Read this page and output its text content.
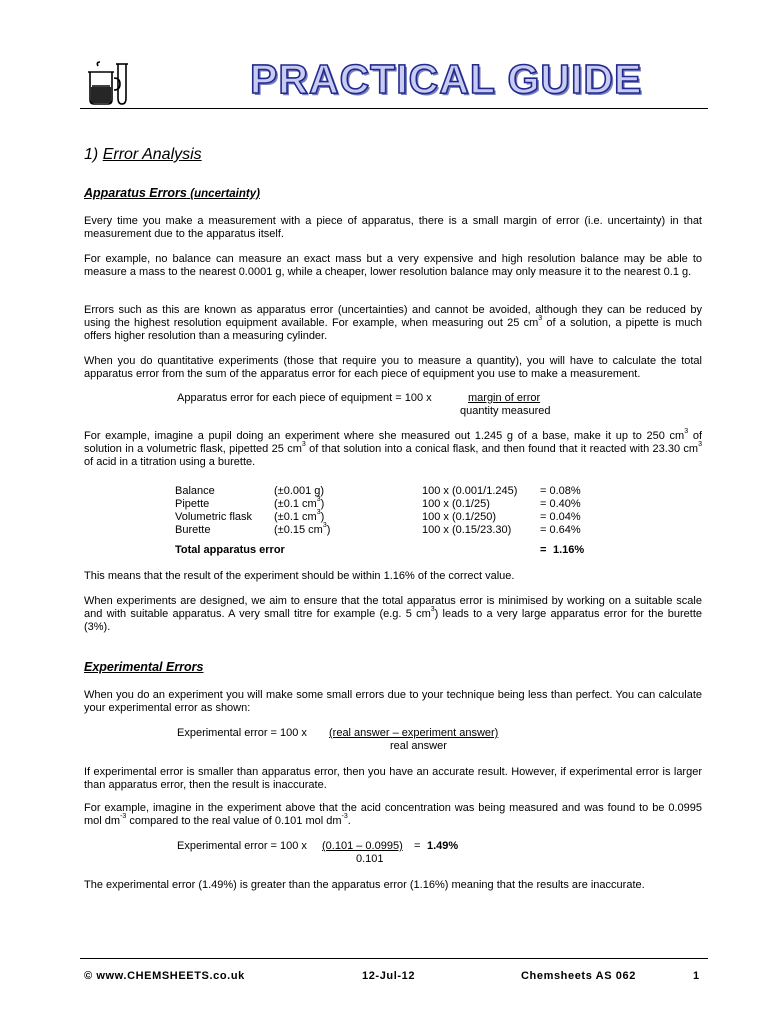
PRACTICAL GUIDE
1) Error Analysis
Apparatus Errors (uncertainty)
Every time you make a measurement with a piece of apparatus, there is a small margin of error (i.e. uncertainty) in that measurement due to the apparatus itself.
For example, no balance can measure an exact mass but a very expensive and high resolution balance may be able to measure a mass to the nearest 0.0001 g, while a cheaper, lower resolution balance may only measure it to the nearest 0.1 g.
Errors such as this are known as apparatus error (uncertainties) and cannot be avoided, although they can be reduced by using the highest resolution equipment available. For example, when measuring out 25 $cm^3$ of a solution, a pipette is much offers higher resolution than a measuring cylinder.
When you do quantitative experiments (those that require you to measure a quantity), you will have to calculate the total apparatus error from the sum of the apparatus error for each piece of equipment you use to make a measurement.
Apparatus error for each piece of equipment = 100 x	margin of error
quantity measured
For example, imagine a pupil doing an experiment where she measured out 1.245 g of a base, make it up to 250 $cm^3$ of solution in a volumetric flask, pipetted 25 $cm^3$ of that solution into a conical flask, and then found that it reacted with 23.30 $cm^3$ of acid in a titration using a burette.
Balance	(±0.001 g)	100 x (0.001/1.245) = 0.08%
Pipette	(±0.1 $cm^3$)	100 x (0.1/25)	= 0.40%
Volumetric flask (±0.1 $cm^3$)	100 x (0.1/250)	= 0.04%
Burette	(±0.15 $cm^3$)	100 x (0.15/23.30)	= 0.64%
Total apparatus error	= 1.16%
This means that the result of the experiment should be within 1.16% of the correct value.
When experiments are designed, we aim to ensure that the total apparatus error is minimised by working on a suitable scale and with suitable apparatus. A very small titre for example (e.g. 5 $cm^3$) leads to a very large apparatus error for the burette (3%).
Experimental Errors
When you do an experiment you will make some small errors due to your technique being less than perfect. You can calculate your experimental error as shown:
Experimental error = 100 x (real answer – experiment answer)
real answer
If experimental error is smaller than apparatus error, then you have an accurate result. However, if experimental error is larger than apparatus error, then the result is inaccurate.
For example, imagine in the experiment above that the acid concentration was being measured and was found to be 0.0995 mol $dm^{-3}$ compared to the real value of 0.101 mol $dm^{-3}$.
Experimental error = 100 x (0.101 – 0.0995) = 1.49%
0.101
The experimental error (1.49%) is greater than the apparatus error (1.16%) meaning that the results are inaccurate.
© www.CHEMSHEETS.co.uk	12-Jul-12	Chemsheets AS 062	1
